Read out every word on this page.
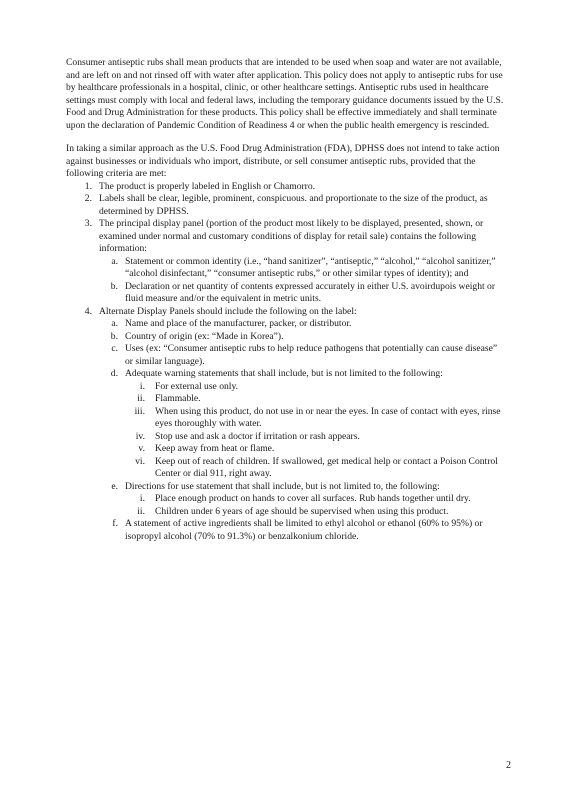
Consumer antiseptic rubs shall mean products that are intended to be used when soap and water are not available, and are left on and not rinsed off with water after application. This policy does not apply to antiseptic rubs for use by healthcare professionals in a hospital, clinic, or other healthcare settings. Antiseptic rubs used in healthcare settings must comply with local and federal laws, including the temporary guidance documents issued by the U.S. Food and Drug Administration for these products. This policy shall be effective immediately and shall terminate upon the declaration of Pandemic Condition of Readiness 4 or when the public health emergency is rescinded.

In taking a similar approach as the U.S. Food Drug Administration (FDA), DPHSS does not intend to take action against businesses or individuals who import, distribute, or sell consumer antiseptic rubs, provided that the following criteria are met:

1. The product is properly labeled in English or Chamorro.
2. Labels shall be clear, legible, prominent, conspicuous. and proportionate to the size of the product, as determined by DPHSS.
3. The principal display panel (portion of the product most likely to be displayed, presented, shown, or examined under normal and customary conditions of display for retail sale) contains the following information:
a. Statement or common identity (i.e., “hand sanitizer”, “antiseptic,” “alcohol,” “alcohol sanitizer,” “alcohol disinfectant,” “consumer antiseptic rubs,” or other similar types of identity); and
b. Declaration or net quantity of contents expressed accurately in either U.S. avoirdupois weight or fluid measure and/or the equivalent in metric units.
4. Alternate Display Panels should include the following on the label:
a. Name and place of the manufacturer, packer, or distributor.
b. Country of origin (ex: “Made in Korea”).
c. Uses (ex: “Consumer antiseptic rubs to help reduce pathogens that potentially can cause disease” or similar language).
d. Adequate warning statements that shall include, but is not limited to the following:
i.	For external use only.
ii.	Flammable.
iii.	When using this product, do not use in or near the eyes. In case of contact with eyes, rinse eyes thoroughly with water.
iv.	Stop use and ask a doctor if irritation or rash appears.
v.	Keep away from heat or flame.
vi.	Keep out of reach of children. If swallowed, get medical help or contact a Poison Control Center or dial 911, right away.
e. Directions for use statement that shall include, but is not limited to, the following:
i.	Place enough product on hands to cover all surfaces. Rub hands together until dry.
ii.	Children under 6 years of age should be supervised when using this product.
f. A statement of active ingredients shall be limited to ethyl alcohol or ethanol (60% to 95%) or isopropyl alcohol (70% to 91.3%) or benzalkonium chloride.
2
